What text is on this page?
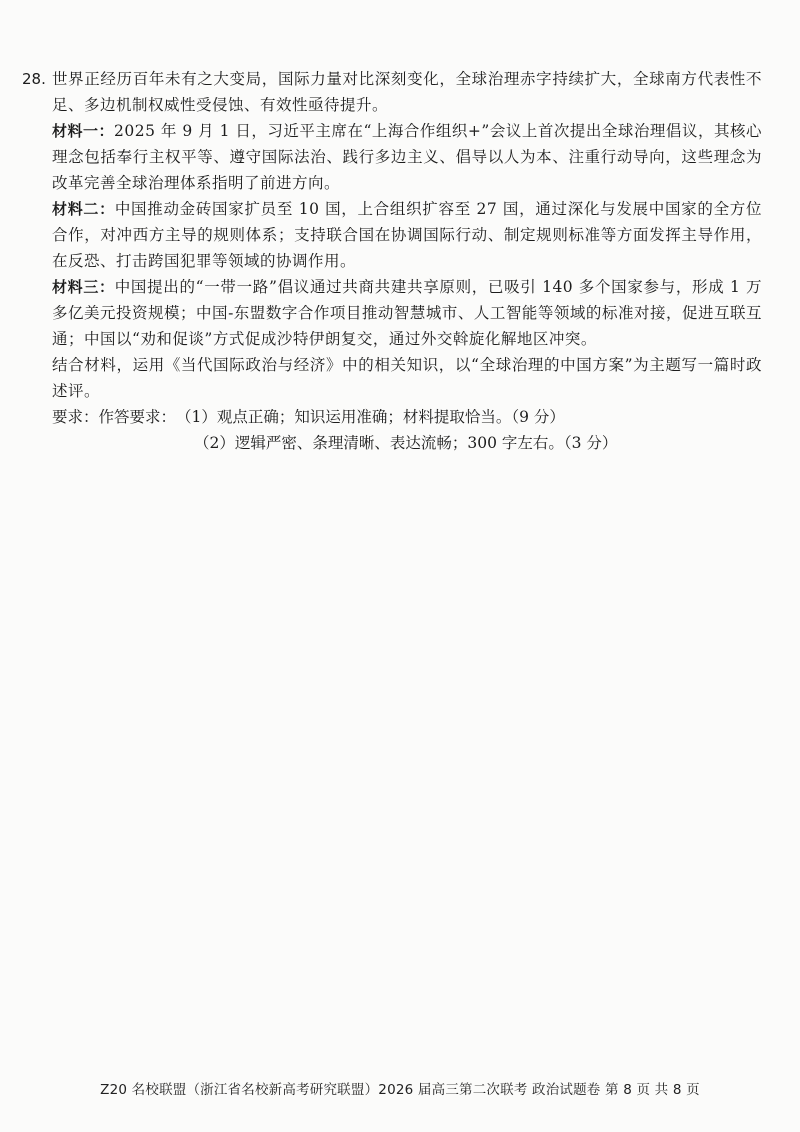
28. 世界正经历百年未有之大变局，国际力量对比深刻变化，全球治理赤字持续扩大，全球南方代表性不足、多边机制权威性受侵蚀、有效性亟待提升。
材料一：2025 年 9 月 1 日，习近平主席在“上海合作组织+”会议上首次提出全球治理倡议，其核心理念包括奉行主权平等、遵守国际法治、践行多边主义、倡导以人为本、注重行动导向，这些理念为改革完善全球治理体系指明了前进方向。
材料二：中国推动金砖国家扩员至 10 国，上合组织扩容至 27 国，通过深化与发展中国家的全方位合作，对冲西方主导的规则体系；支持联合国在协调国际行动、制定规则标准等方面发挥主导作用，在反恐、打击跨国犯罪等领域的协调作用。
材料三：中国提出的“一带一路”倡议通过共商共建共享原则，已吸引 140 多个国家参与，形成 1 万多亿美元投资规模；中国-东盟数字合作项目推动智慧城市、人工智能等领域的标准对接，促进互联互通；中国以“劝和促谈”方式促成沙特伊朗复交，通过外交斡旋化解地区冲突。
结合材料，运用《当代国际政治与经济》中的相关知识，以“全球治理的中国方案”为主题写一篇时政述评。
要求：作答要求： （1）观点正确；知识运用准确；材料提取恰当。（9 分）
（2）逻辑严密、条理清晰、表达流畅；300 字左右。（3 分）
Z20 名校联盟（浙江省名校新高考研究联盟）2026 届高三第二次联考 政治试题卷 第 8 页 共 8 页
